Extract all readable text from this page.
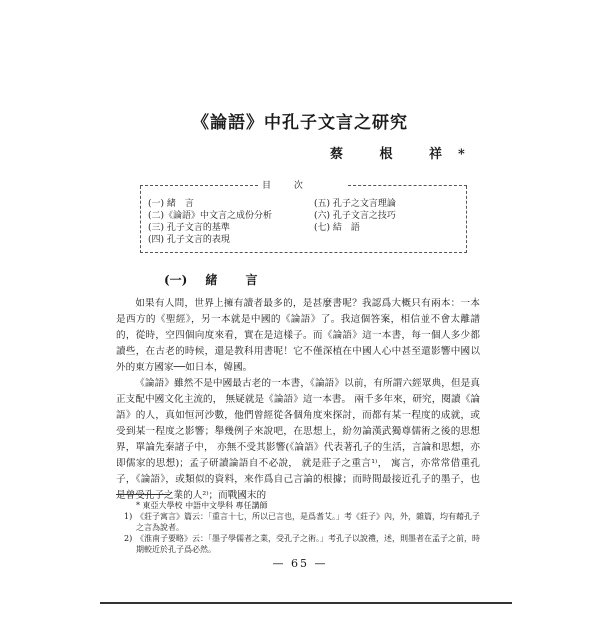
《論語》中孔子文言之研究
蔡 根 祥*
目 次
(一) 緒　言
(二)《論語》中文言之成份分析
(三) 孔子文言的基準
(四) 孔子文言的表現
(五) 孔子之文言理論
(六) 孔子文言之技巧
(七) 結　語
(一) 緒 言

如果有人問，世界上擁有讀者最多的，是甚麼書呢？我認爲大概只有兩本：一本是西方的《聖經》，另一本就是中國的《論語》了。我這個答案，相信並不會太離譜的，從時，空四個向度來看，實在是這樣子。而《論語》這一本書，每一個人多少都讀些，在古老的時候，還是教科用書呢！它不僅深植在中國人心中甚至還影響中國以外的東方國家──如日本，韓國。

《論語》雖然不是中國最古老的一本書，《論語》以前，有所謂六經眾典，但是真正支配中國文化主流的， 無疑就是《論語》這一本書。 兩千多年來，研究，閱讀《論語》的人，真如恒河沙數，他們曾經從各個角度來探討，而都有某一程度的成就，或受到某一程度之影響；舉幾例子來說吧，在思想上，紛勿論漢武獨尊儒術之後的思想界，單論先秦諸子中， 亦無不受其影響(《論語》代表著孔子的生活，言論和思想，亦即儒家的思想)；孟子研讀論語自不必說， 就是莊子之重言¹⁾， 寓言，亦常常借重孔子，《論語》，或類似的資料，來作爲自己言論的根據；而時間最接近孔子的墨子，也是曾受孔子之業的人²⁾；而戰國末的

* 東亞大學校 中語中文學科 專任講師
1) 《莊子寓言》篇云：「重言十七，所以已言也，是爲耆艾。」考《莊子》內，外，雜篇，均有藉孔子之言為說者。
2) 《淮南子要略》云：「墨子學儒者之業，受孔子之術。」考孔子以說禮，述，則墨者在孟子之前，時期較近於孔子爲必然。
— 65 —
